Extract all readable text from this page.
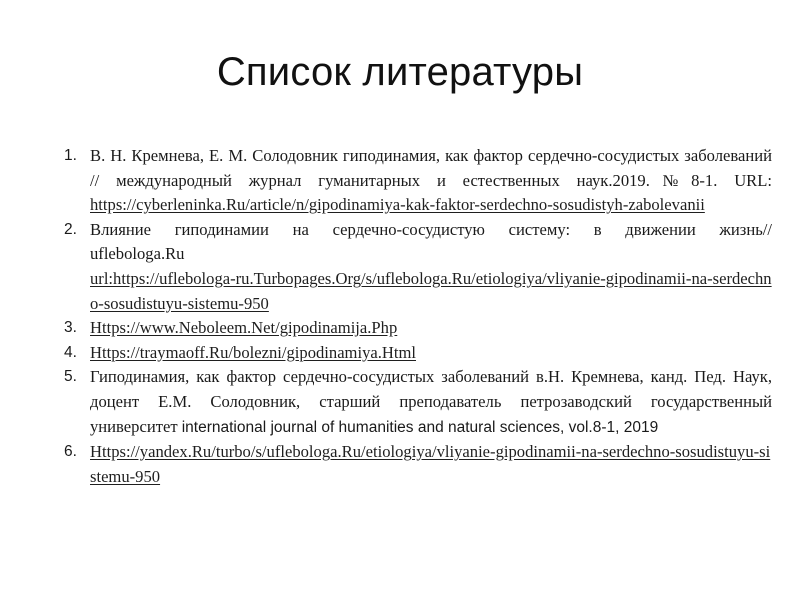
Список литературы
1. В. Н. Кремнева, Е. М. Солодовник гиподинамия, как фактор сердечно-сосудистых заболеваний // международный журнал гуманитарных и естественных наук.2019.№8-1. URL:
https://cyberleninka.Ru/article/n/gipodinamiya-kak-faktor-serdechno-sosudistyh-zabolevanii
2. Влияние гиподинамии на сердечно-сосудистую систему: в движении жизнь//
uflebologa.Ru
url:https://uflebologa-ru.Turbopages.Org/s/uflebologa.Ru/etiologiya/vliyanie-gipodinamii-na-serdechno-sosudistuyu-sistemu-950
3. Https://www.Neboleem.Net/gipodinamija.Php
4. Https://traymaoff.Ru/bolezni/gipodinamiya.Html
5. Гиподинамия, как фактор сердечно-сосудистых заболеваний в.Н. Кремнева, канд. Пед. Наук, доцент Е.М. Солодовник, старший преподаватель петрозаводский государственный университет international journal of humanities and natural sciences, vol.8-1, 2019
6. Https://yandex.Ru/turbo/s/uflebologa.Ru/etiologiya/vliyanie-gipodinamii-na-serdechno-sosudistuyu-sistemu-950
